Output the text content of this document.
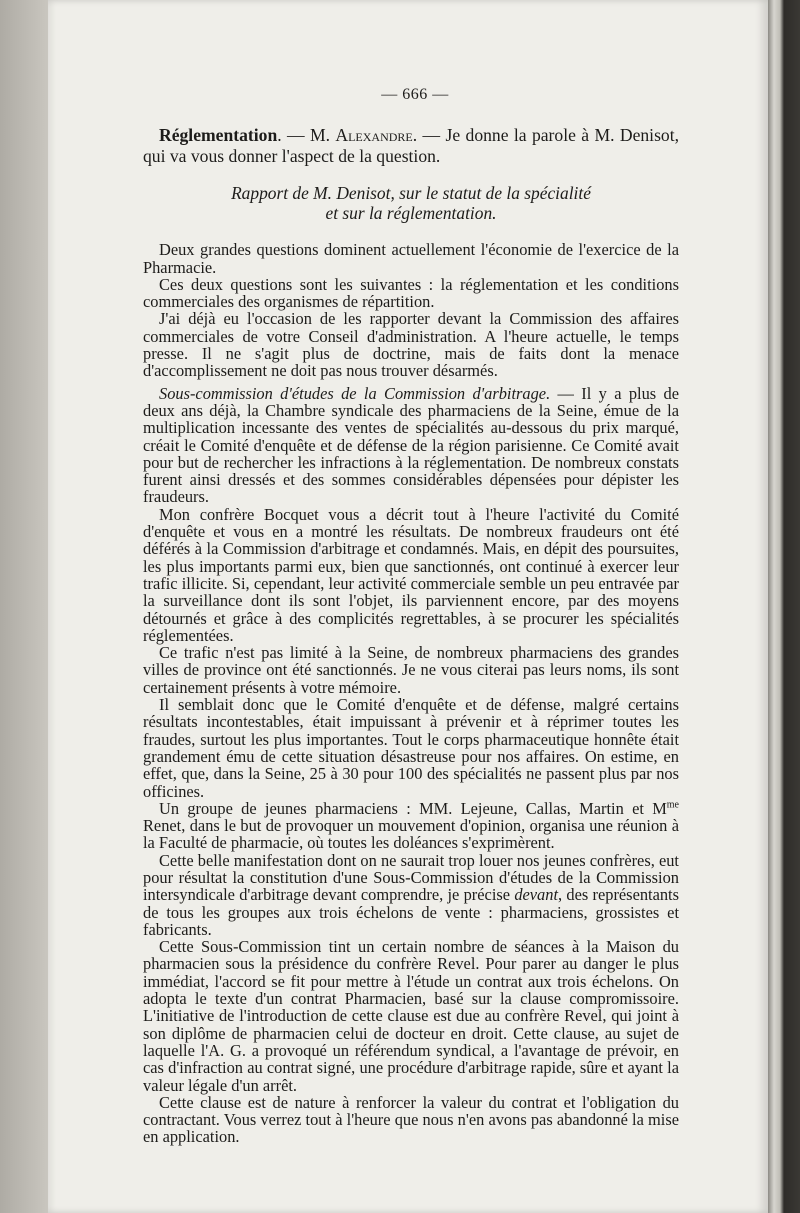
— 666 —

Réglementation. — M. Alexandre. — Je donne la parole à M. Denisot, qui va vous donner l'aspect de la question.

Rapport de M. Denisot, sur le statut de la spécialité
et sur la réglementation.

Deux grandes questions dominent actuellement l'économie de l'exercice de la Pharmacie.

Ces deux questions sont les suivantes : la réglementation et les conditions commerciales des organismes de répartition.

J'ai déjà eu l'occasion de les rapporter devant la Commission des affaires commerciales de votre Conseil d'administration. A l'heure actuelle, le temps presse. Il ne s'agit plus de doctrine, mais de faits dont la menace d'accomplissement ne doit pas nous trouver désarmés.

Sous-commission d'études de la Commission d'arbitrage. — Il y a plus de deux ans déjà, la Chambre syndicale des pharmaciens de la Seine, émue de la multiplication incessante des ventes de spécialités au-dessous du prix marqué, créait le Comité d'enquête et de défense de la région parisienne. Ce Comité avait pour but de rechercher les infractions à la réglementation. De nombreux constats furent ainsi dressés et des sommes considérables dépensées pour dépister les fraudeurs.

Mon confrère Bocquet vous a décrit tout à l'heure l'activité du Comité d'enquête et vous en a montré les résultats. De nombreux fraudeurs ont été déférés à la Commission d'arbitrage et condamnés. Mais, en dépit des poursuites, les plus importants parmi eux, bien que sanctionnés, ont continué à exercer leur trafic illicite. Si, cependant, leur activité commerciale semble un peu entravée par la surveillance dont ils sont l'objet, ils parviennent encore, par des moyens détournés et grâce à des complicités regrettables, à se procurer les spécialités réglementées.

Ce trafic n'est pas limité à la Seine, de nombreux pharmaciens des grandes villes de province ont été sanctionnés. Je ne vous citerai pas leurs noms, ils sont certainement présents à votre mémoire.

Il semblait donc que le Comité d'enquête et de défense, malgré certains résultats incontestables, était impuissant à prévenir et à réprimer toutes les fraudes, surtout les plus importantes. Tout le corps pharmaceutique honnête était grandement ému de cette situation désastreuse pour nos affaires. On estime, en effet, que, dans la Seine, 25 à 30 pour 100 des spécialités ne passent plus par nos officines.

Un groupe de jeunes pharmaciens : MM. Lejeune, Callas, Martin et $M^{me}$ Renet, dans le but de provoquer un mouvement d'opinion, organisa une réunion à la Faculté de pharmacie, où toutes les doléances s'exprimèrent.

Cette belle manifestation dont on ne saurait trop louer nos jeunes confrères, eut pour résultat la constitution d'une Sous-Commission d'études de la Commission intersyndicale d'arbitrage devant comprendre, je précise devant, des représentants de tous les groupes aux trois échelons de vente : pharmaciens, grossistes et fabricants.

Cette Sous-Commission tint un certain nombre de séances à la Maison du pharmacien sous la présidence du confrère Revel. Pour parer au danger le plus immédiat, l'accord se fit pour mettre à l'étude un contrat aux trois échelons. On adopta le texte d'un contrat Pharmacien, basé sur la clause compromissoire. L'initiative de l'introduction de cette clause est due au confrère Revel, qui joint à son diplôme de pharmacien celui de docteur en droit. Cette clause, au sujet de laquelle l'A. G. a provoqué un référendum syndical, a l'avantage de prévoir, en cas d'infraction au contrat signé, une procédure d'arbitrage rapide, sûre et ayant la valeur légale d'un arrêt.

Cette clause est de nature à renforcer la valeur du contrat et l'obligation du contractant. Vous verrez tout à l'heure que nous n'en avons pas abandonné la mise en application.
